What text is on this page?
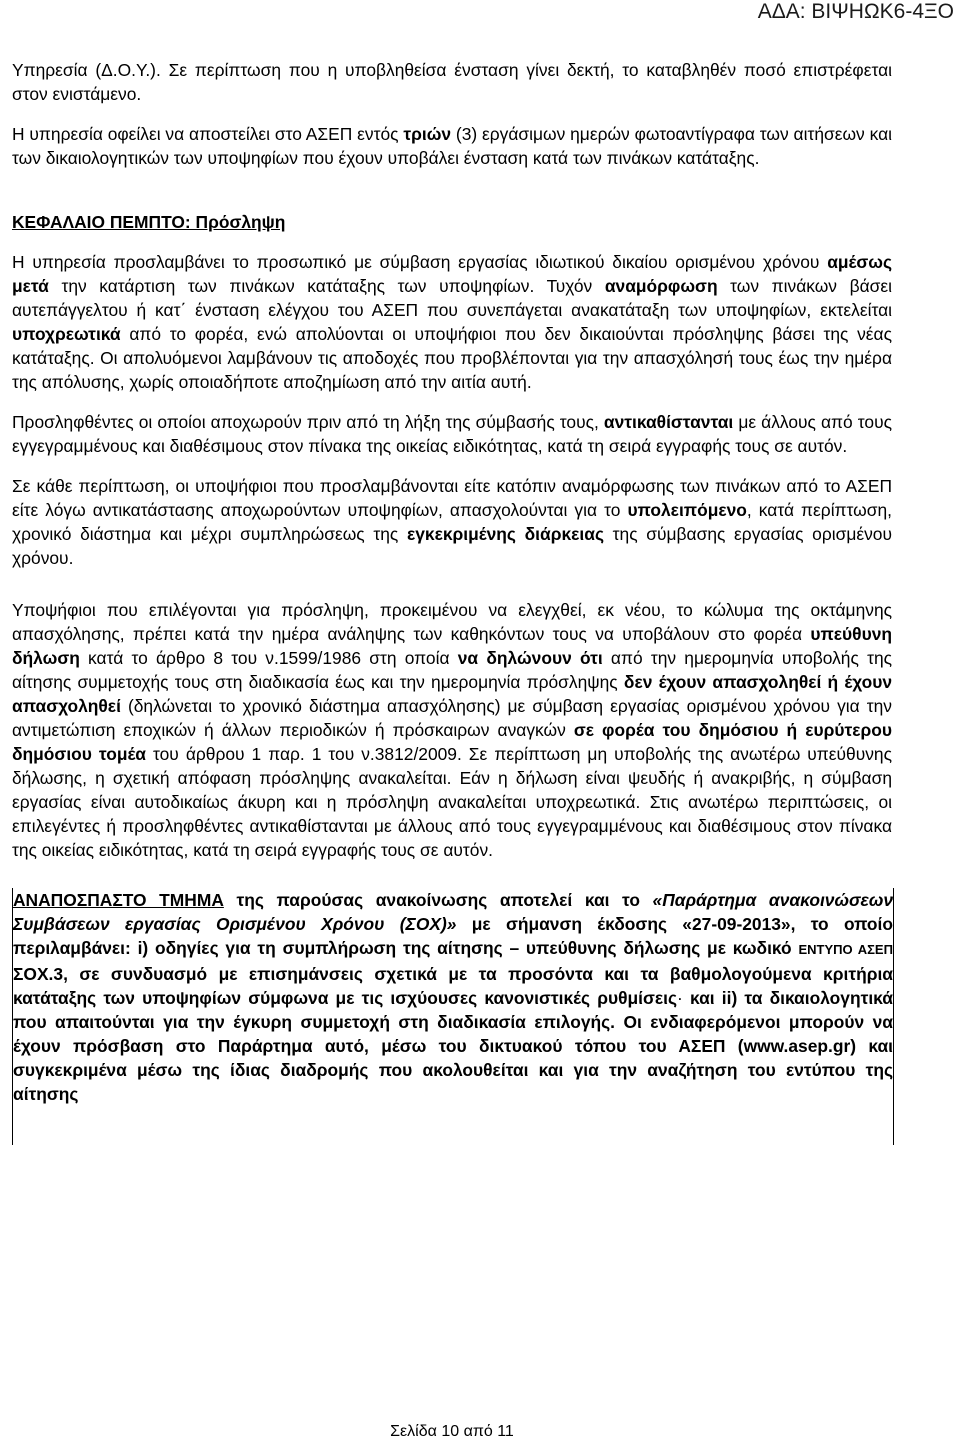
ΑΔΑ: ΒΙΨΗΩΚ6-4ΞΟ

Υπηρεσία (Δ.Ο.Υ.). Σε περίπτωση που η υποβληθείσα ένσταση γίνει δεκτή, το καταβληθέν ποσό επιστρέφεται στον ενιστάμενο.

Η υπηρεσία οφείλει να αποστείλει στο ΑΣΕΠ εντός τριών (3) εργάσιμων ημερών φωτοαντίγραφα των αιτήσεων και των δικαιολογητικών των υποψηφίων που έχουν υποβάλει ένσταση κατά των πινάκων κατάταξης.

ΚΕΦΑΛΑΙΟ ΠΕΜΠΤΟ: Πρόσληψη

Η υπηρεσία προσλαμβάνει το προσωπικό με σύμβαση εργασίας ιδιωτικού δικαίου ορισμένου χρόνου αμέσως μετά την κατάρτιση των πινάκων κατάταξης των υποψηφίων. Τυχόν αναμόρφωση των πινάκων βάσει αυτεπάγγελτου ή κατ΄ ένσταση ελέγχου του ΑΣΕΠ που συνεπάγεται ανακατάταξη των υποψηφίων, εκτελείται υποχρεωτικά από το φορέα, ενώ απολύονται οι υποψήφιοι που δεν δικαιούνται πρόσληψης βάσει της νέας κατάταξης. Οι απολυόμενοι λαμβάνουν τις αποδοχές που προβλέπονται για την απασχόλησή τους έως την ημέρα της απόλυσης, χωρίς οποιαδήποτε αποζημίωση από την αιτία αυτή.

Προσληφθέντες οι οποίοι αποχωρούν πριν από τη λήξη της σύμβασής τους, αντικαθίστανται με άλλους από τους εγγεγραμμένους και διαθέσιμους στον πίνακα της οικείας ειδικότητας, κατά τη σειρά εγγραφής τους σε αυτόν.

Σε κάθε περίπτωση, οι υποψήφιοι που προσλαμβάνονται είτε κατόπιν αναμόρφωσης των πινάκων από το ΑΣΕΠ είτε λόγω αντικατάστασης αποχωρούντων υποψηφίων, απασχολούνται για το υπολειπόμενο, κατά περίπτωση, χρονικό διάστημα και μέχρι συμπληρώσεως της εγκεκριμένης διάρκειας της σύμβασης εργασίας ορισμένου χρόνου.

Υποψήφιοι που επιλέγονται για πρόσληψη, προκειμένου να ελεγχθεί, εκ νέου, το κώλυμα της οκτάμηνης απασχόλησης, πρέπει κατά την ημέρα ανάληψης των καθηκόντων τους να υποβάλουν στο φορέα υπεύθυνη δήλωση κατά το άρθρο 8 του ν.1599/1986 στη οποία να δηλώνουν ότι από την ημερομηνία υποβολής της αίτησης συμμετοχής τους στη διαδικασία έως και την ημερομηνία πρόσληψης δεν έχουν απασχοληθεί ή έχουν απασχοληθεί (δηλώνεται το χρονικό διάστημα απασχόλησης) με σύμβαση εργασίας ορισμένου χρόνου για την αντιμετώπιση εποχικών ή άλλων περιοδικών ή πρόσκαιρων αναγκών σε φορέα του δημόσιου ή ευρύτερου δημόσιου τομέα του άρθρου 1 παρ. 1 του ν.3812/2009. Σε περίπτωση μη υποβολής της ανωτέρω υπεύθυνης δήλωσης, η σχετική απόφαση πρόσληψης ανακαλείται. Εάν η δήλωση είναι ψευδής ή ανακριβής, η σύμβαση εργασίας είναι αυτοδικαίως άκυρη και η πρόσληψη ανακαλείται υποχρεωτικά. Στις ανωτέρω περιπτώσεις, οι επιλεγέντες ή προσληφθέντες αντικαθίστανται με άλλους από τους εγγεγραμμένους και διαθέσιμους στον πίνακα της οικείας ειδικότητας, κατά τη σειρά εγγραφής τους σε αυτόν.

ΑΝΑΠΟΣΠΑΣΤΟ ΤΜΗΜΑ της παρούσας ανακοίνωσης αποτελεί και το «Παράρτημα ανακοινώσεων Συμβάσεων εργασίας Ορισμένου Χρόνου (ΣΟΧ)» με σήμανση έκδοσης «27-09-2013», το οποίο περιλαμβάνει: i) οδηγίες για τη συμπλήρωση της αίτησης – υπεύθυνης δήλωσης με κωδικό ΕΝΤΥΠΟ ΑΣΕΠ ΣΟΧ.3, σε συνδυασμό με επισημάνσεις σχετικά με τα προσόντα και τα βαθμολογούμενα κριτήρια κατάταξης των υποψηφίων σύμφωνα με τις ισχύουσες κανονιστικές ρυθμίσεις· και ii) τα δικαιολογητικά που απαιτούνται για την έγκυρη συμμετοχή στη διαδικασία επιλογής. Οι ενδιαφερόμενοι μπορούν να έχουν πρόσβαση στο Παράρτημα αυτό, μέσω του δικτυακού τόπου του ΑΣΕΠ (www.asep.gr) και συγκεκριμένα μέσω της ίδιας διαδρομής που ακολουθείται και για την αναζήτηση του εντύπου της αίτησης

Σελίδα 10 από 11
